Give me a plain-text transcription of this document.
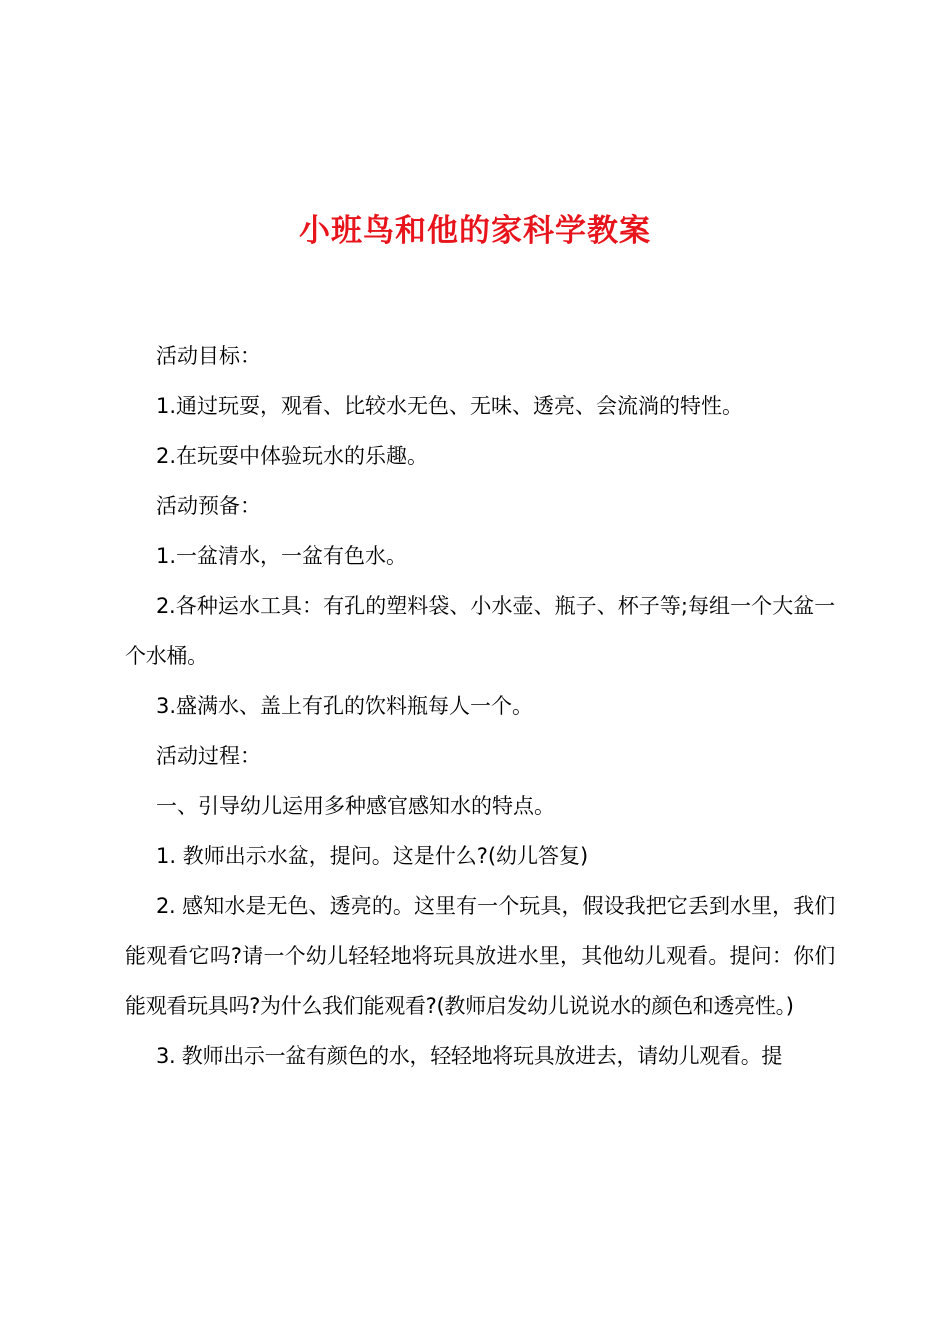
小班鸟和他的家科学教案

活动目标：

1.通过玩耍，观看、比较水无色、无味、透亮、会流淌的特性。

2.在玩耍中体验玩水的乐趣。

活动预备：

1.一盆清水，一盆有色水。

2.各种运水工具：有孔的塑料袋、小水壶、瓶子、杯子等;每组一个大盆一个水桶。

3.盛满水、盖上有孔的饮料瓶每人一个。

活动过程：

一、引导幼儿运用多种感官感知水的特点。

1. 教师出示水盆，提问。这是什么?(幼儿答复)

2. 感知水是无色、透亮的。这里有一个玩具，假设我把它丢到水里，我们能观看它吗?请一个幼儿轻轻地将玩具放进水里，其他幼儿观看。提问：你们能观看玩具吗?为什么我们能观看?(教师启发幼儿说说水的颜色和透亮性。)

3. 教师出示一盆有颜色的水，轻轻地将玩具放进去，请幼儿观看。提
